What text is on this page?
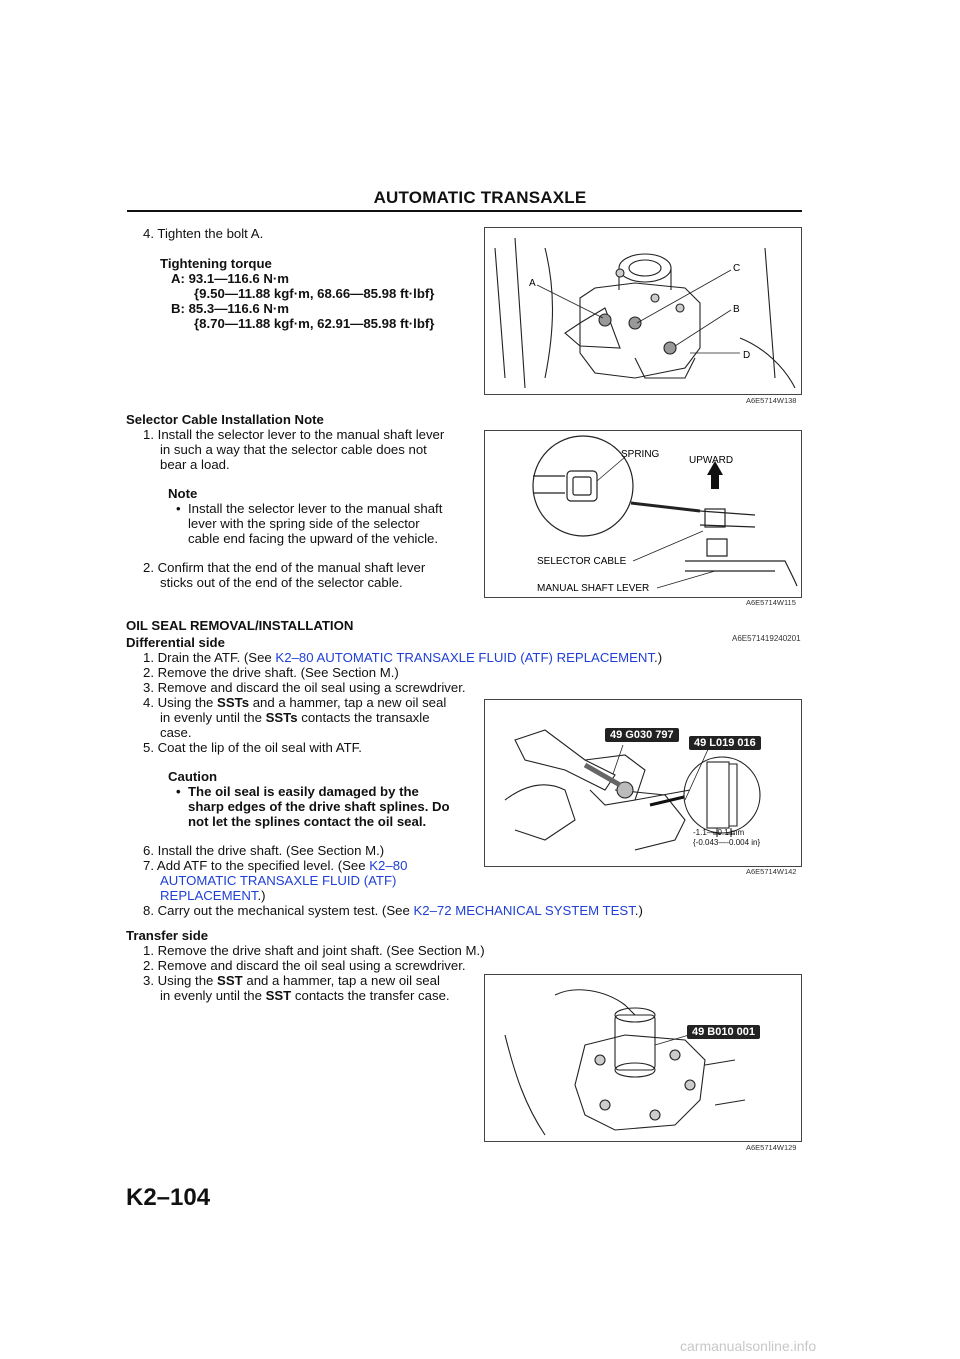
AUTOMATIC TRANSAXLE
4. Tighten the bolt A.
Tightening torque
A: 93.1—116.6 N·m
{9.50—11.88 kgf·m, 68.66—85.98 ft·lbf}
B: 85.3—116.6 N·m
{8.70—11.88 kgf·m, 62.91—85.98 ft·lbf}
A
C
B
D
A6E5714W138
Selector Cable Installation Note
1. Install the selector lever to the manual shaft lever
in such a way that the selector cable does not
bear a load.
Note
• Install the selector lever to the manual shaft
lever with the spring side of the selector
cable end facing the upward of the vehicle.
2. Confirm that the end of the manual shaft lever
sticks out of the end of the selector cable.
SPRING
UPWARD
SELECTOR CABLE
MANUAL SHAFT LEVER
A6E5714W115
OIL SEAL REMOVAL/INSTALLATION
A6E571419240201
Differential side
1. Drain the ATF. (See K2–80 AUTOMATIC TRANSAXLE FLUID (ATF) REPLACEMENT.)
2. Remove the drive shaft. (See Section M.)
3. Remove and discard the oil seal using a screwdriver.
4. Using the SSTs and a hammer, tap a new oil seal
in evenly until the SSTs contacts the transaxle
case.
5. Coat the lip of the oil seal with ATF.
Caution
• The oil seal is easily damaged by the
sharp edges of the drive shaft splines. Do
not let the splines contact the oil seal.
6. Install the drive shaft. (See Section M.)
7. Add ATF to the specified level. (See K2–80
AUTOMATIC TRANSAXLE FLUID (ATF)
REPLACEMENT.)
8. Carry out the mechanical system test. (See K2–72 MECHANICAL SYSTEM TEST.)
49 G030 797
49 L019 016
-1.1—-0.1 mm
{-0.043—-0.004 in}
A6E5714W142
Transfer side
1. Remove the drive shaft and joint shaft. (See Section M.)
2. Remove and discard the oil seal using a screwdriver.
3. Using the SST and a hammer, tap a new oil seal
in evenly until the SST contacts the transfer case.
49 B010 001
A6E5714W129
K2–104
carmanualsonline.info
